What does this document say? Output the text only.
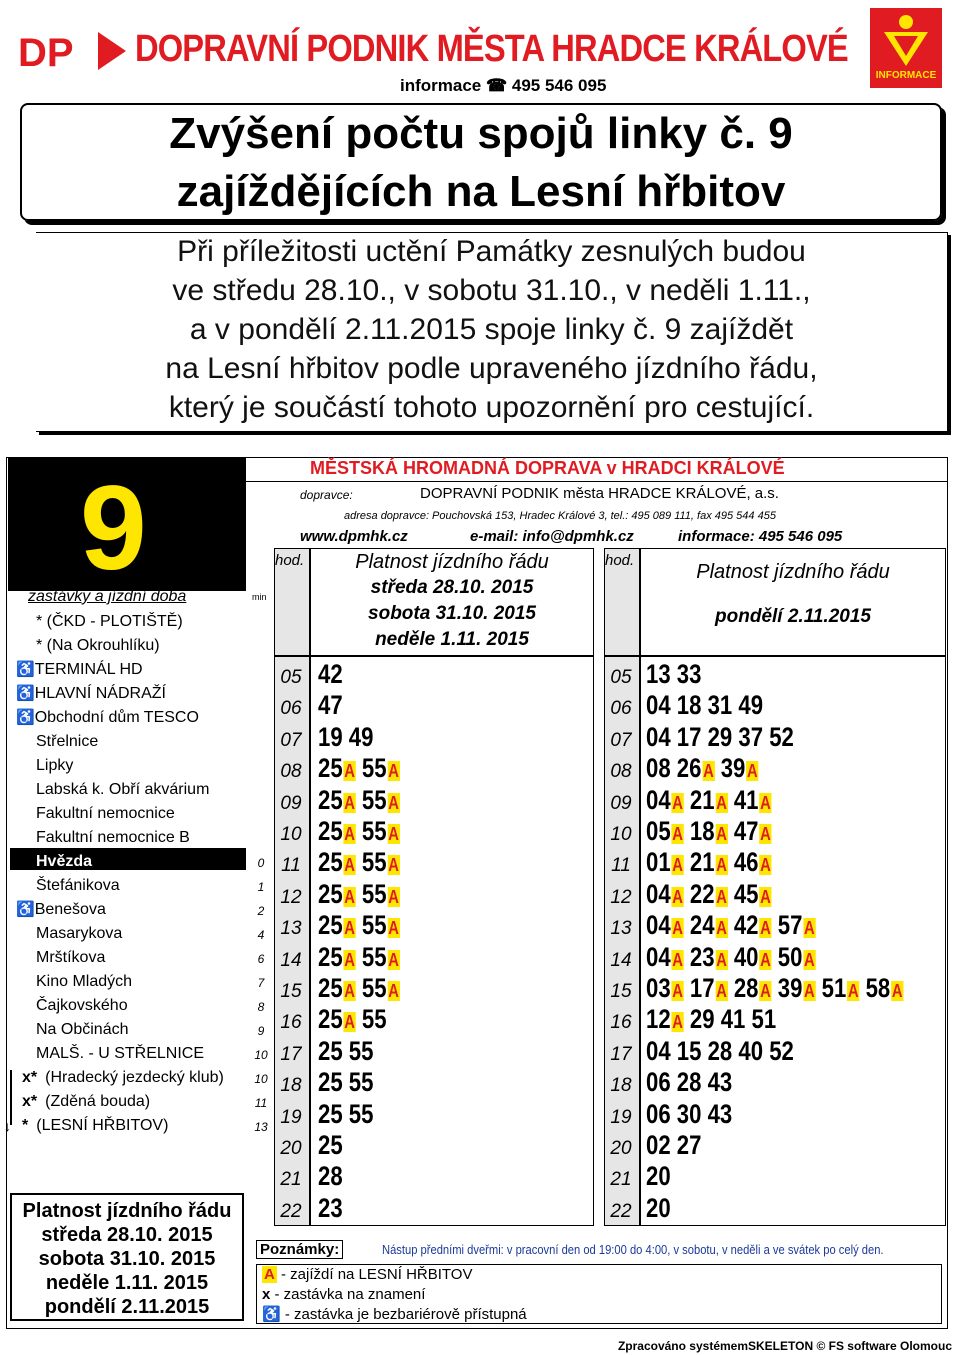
DP DOPRAVNÍ PODNIK MĚSTA HRADCE KRÁLOVÉ
informace ☎ 495 546 095
INFORMACE
Zvýšení počtu spojů linky č. 9
zajíždějících na Lesní hřbitov
Při příležitosti uctění Památky zesnulých budou
ve středu 28.10., v sobotu 31.10., v neděli 1.11.,
a v pondělí 2.11.2015 spoje linky č. 9 zajíždět
na Lesní hřbitov podle upraveného jízdního řádu,
který je součástí tohoto upozornění pro cestující.
MĚSTSKÁ HROMADNÁ DOPRAVA v HRADCI KRÁLOVÉ
dopravce:	DOPRAVNÍ PODNIK města HRADCE KRÁLOVÉ, a.s.
adresa dopravce: Pouchovská 153, Hradec Králové 3, tel.: 495 089 111, fax 495 544 455
www.dpmhk.cz	e-mail: info@dpmhk.cz	informace: 495 546 095
9
zastávky a jízdní doba	min
↓
* (ČKD - PLOTIŠTĚ)
* (Na Okrouhlíku)
♿TERMINÁL HD
♿HLAVNÍ NÁDRAŽÍ
♿Obchodní dům TESCO
Střelnice
Lipky
Labská k. Obří akvárium
Fakultní nemocnice
Fakultní nemocnice B
Hvězda	0
Štefánikova	1
♿Benešova	2
Masarykova	4
Mrštíkova	6
Kino Mladých	7
Čajkovského	8
Na Občinách	9
MALŠ. - U STŘELNICE	10
x* (Hradecký jezdecký klub)	10
x* (Zděná bouda)	11
* (LESNÍ HŘBITOV)	13
Platnost jízdního řádu
středa 28.10. 2015
sobota 31.10. 2015
neděle 1.11. 2015
pondělí 2.11.2015
hod.	Platnost jízdního řádu
středa 28.10. 2015
sobota 31.10. 2015
neděle 1.11. 2015
05 42
06 47
07 19 49
08 25A 55A
09 25A 55A
10 25A 55A
11 25A 55A
12 25A 55A
13 25A 55A
14 25A 55A
15 25A 55A
16 25A 55
17 25 55
18 25 55
19 25 55
20 25
21 28
22 23
hod.
Platnost jízdního řádu
pondělí 2.11.2015
05 13 33
06 04 18 31 49
07 04 17 29 37 52
08 08 26A 39A
09 04A 21A 41A
10 05A 18A 47A
11 01A 21A 46A
12 04A 22A 45A
13 04A 24A 42A 57A
14 04A 23A 40A 50A
15 03A 17A 28A 39A 51A 58A
16 12A 29 41 51
17 04 15 28 40 52
18 06 28 43
19 06 30 43
20 02 27
21 20
22 20
Poznámky:	Nástup předními dveřmi: v pracovní den od 19:00 do 4:00, v sobotu, v neděli a ve svátek po celý den.
A - zajíždí na LESNÍ HŘBITOV
x - zastávka na znamení
♿ - zastávka je bezbariérově přístupná
Zpracováno systémemSKELETON © FS software Olomouc
